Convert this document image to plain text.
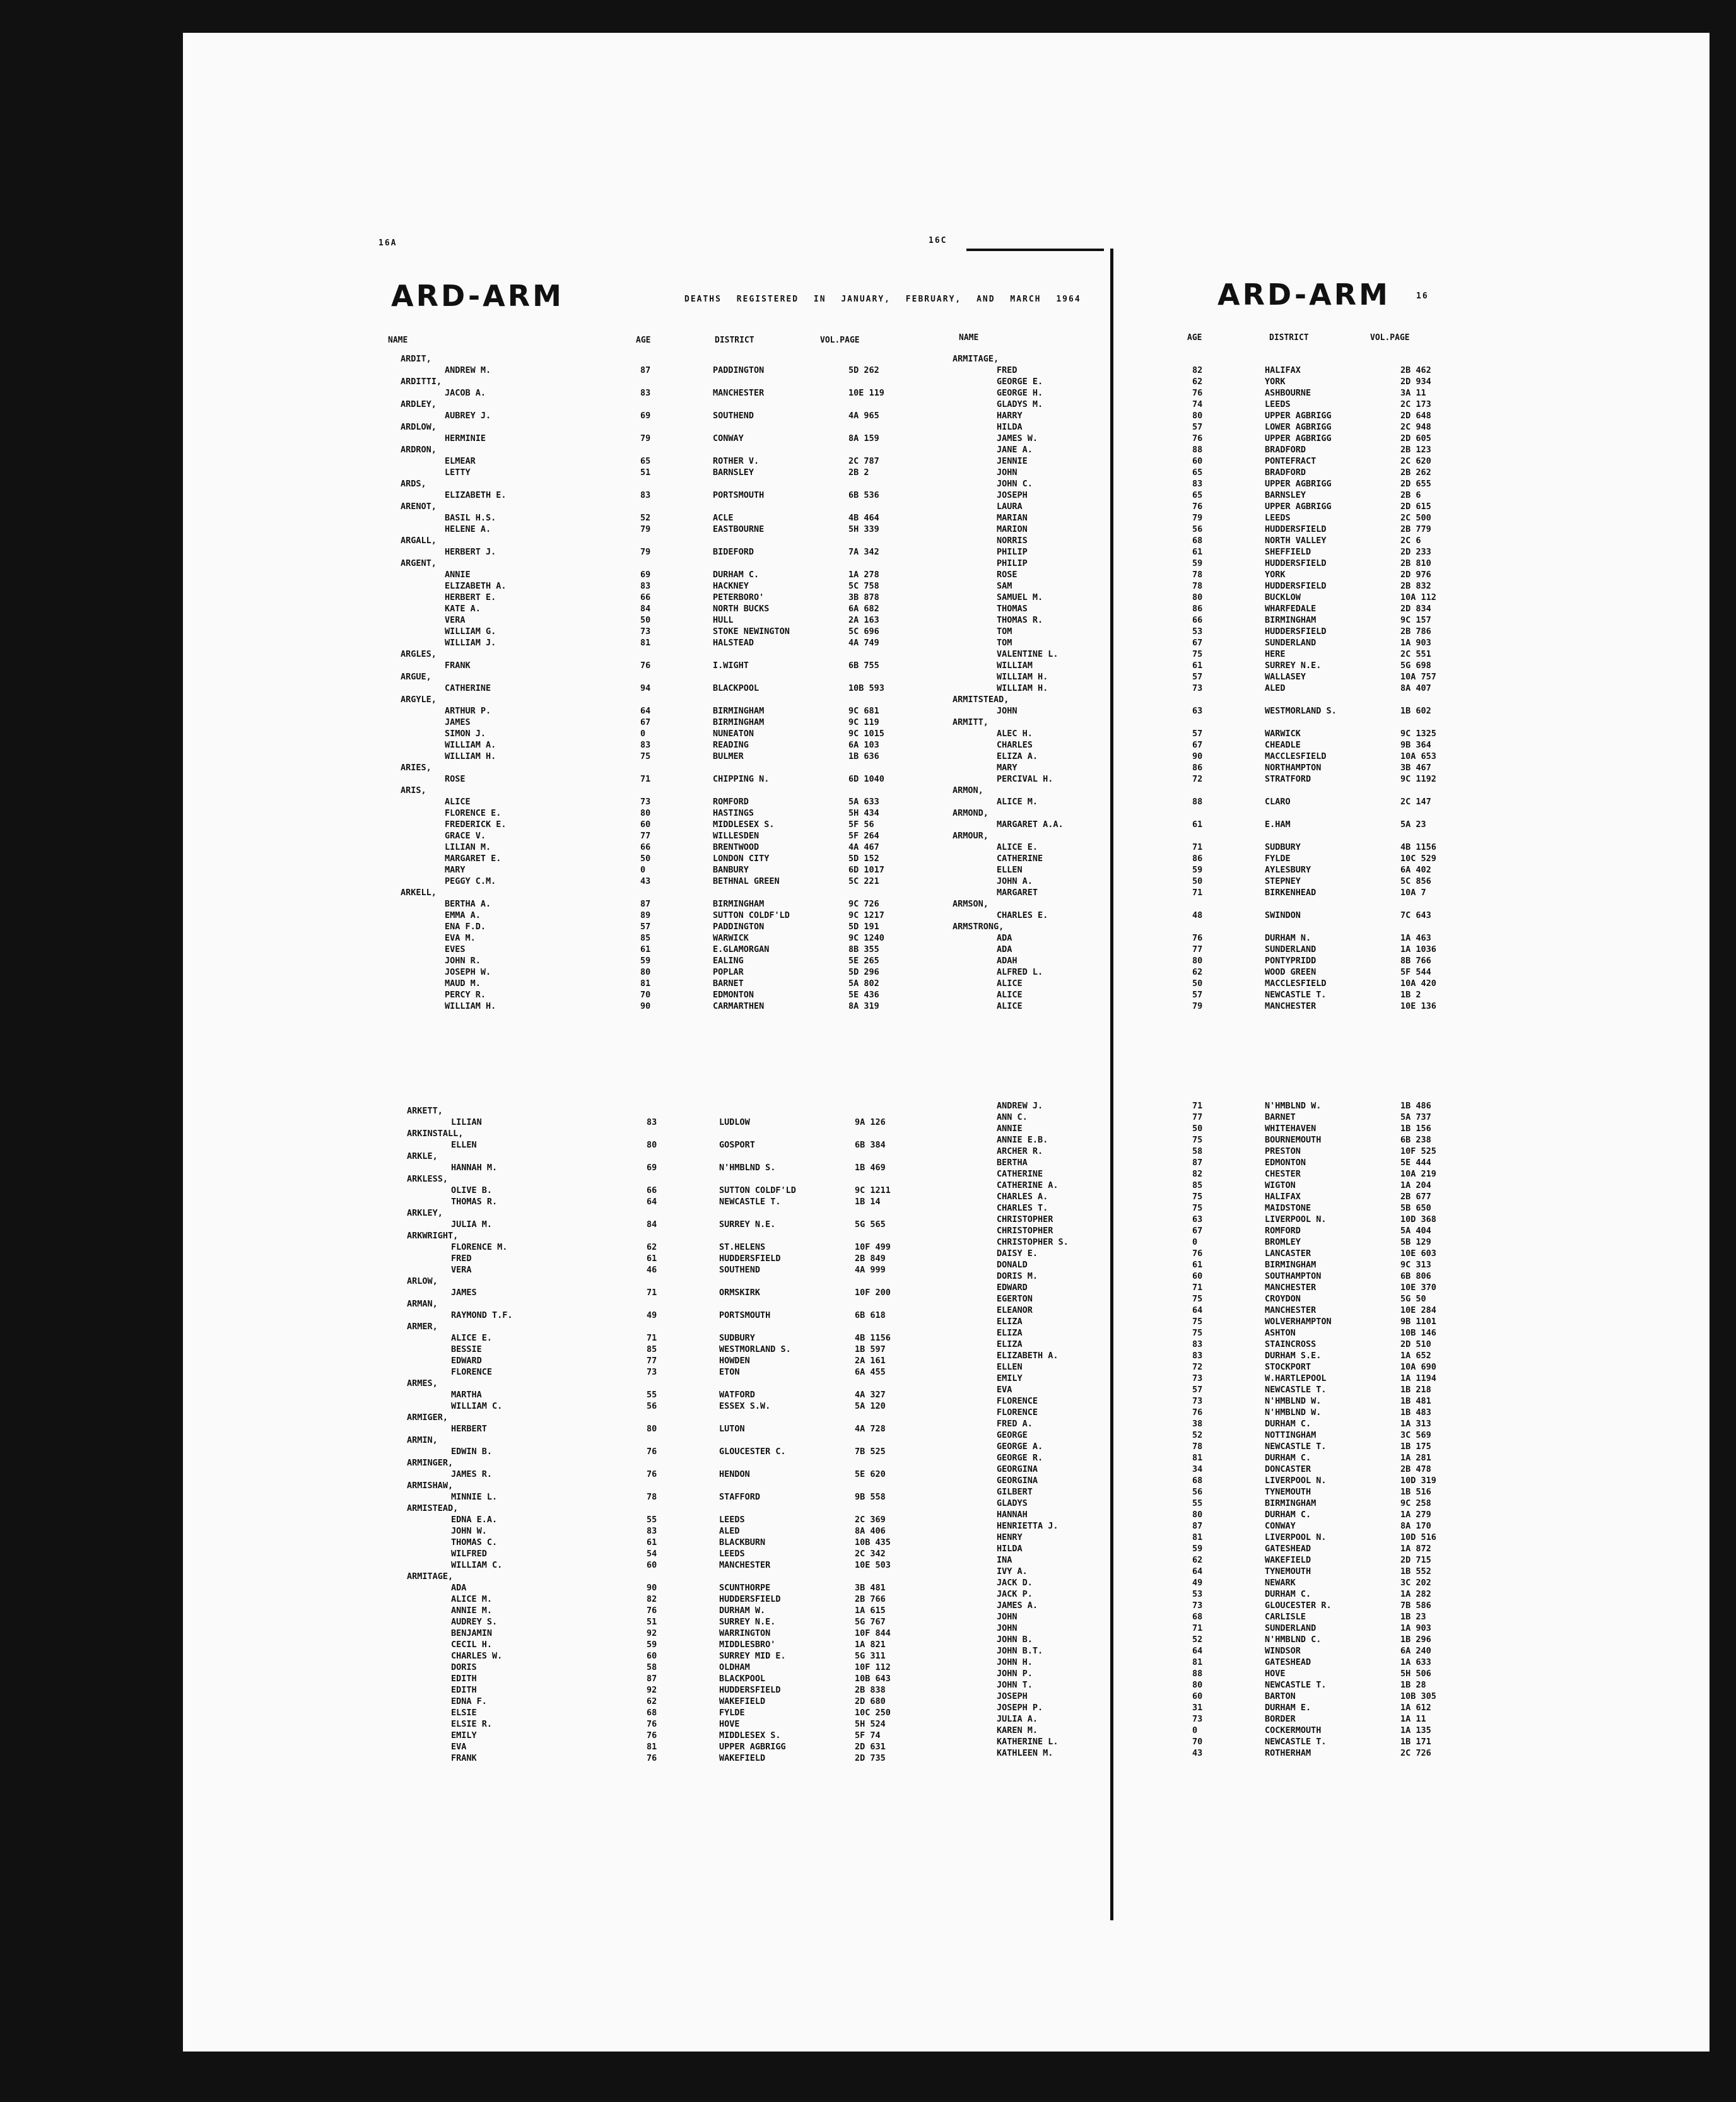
16A	16C
ARD-ARM	DEATHS REGISTERED IN JANUARY, FEBRUARY, AND MARCH 1964	ARD-ARM	16
NAME	AGE	DISTRICT	VOL.PAGE	NAME	AGE	DISTRICT	VOL.PAGE
ARDIT,
ANDREW M.	87	PADDINGTON	5D 262
ARDITTI,
JACOB A.	83	MANCHESTER	10E 119
ARDLEY,
AUBREY J.	69	SOUTHEND	4A 965
ARDLOW,
HERMINIE	79	CONWAY	8A 159
ARDRON,
ELMEAR	65	ROTHER V.	2C 787
LETTY	51	BARNSLEY	2B 2
ARDS,
ELIZABETH E.	83	PORTSMOUTH	6B 536
ARENOT,
BASIL H.S.	52	ACLE	4B 464
HELENE A.	79	EASTBOURNE	5H 339
ARGALL,
HERBERT J.	79	BIDEFORD	7A 342
ARGENT,
ANNIE	69	DURHAM C.	1A 278
ELIZABETH A.	83	HACKNEY	5C 758
HERBERT E.	66	PETERBORO'	3B 878
KATE A.	84	NORTH BUCKS	6A 682
VERA	50	HULL	2A 163
WILLIAM G.	73	STOKE NEWINGTON	5C 696
WILLIAM J.	81	HALSTEAD	4A 749
ARGLES,
FRANK	76	I.WIGHT	6B 755
ARGUE,
CATHERINE	94	BLACKPOOL	10B 593
ARGYLE,
ARTHUR P.	64	BIRMINGHAM	9C 681
JAMES	67	BIRMINGHAM	9C 119
SIMON J.	0	NUNEATON	9C 1015
WILLIAM A.	83	READING	6A 103
WILLIAM H.	75	BULMER	1B 636
ARIES,
ROSE	71	CHIPPING N.	6D 1040
ARIS,
ALICE	73	ROMFORD	5A 633
FLORENCE E.	80	HASTINGS	5H 434
FREDERICK E.	60	MIDDLESEX S.	5F 56
GRACE V.	77	WILLESDEN	5F 264
LILIAN M.	66	BRENTWOOD	4A 467
MARGARET E.	50	LONDON CITY	5D 152
MARY	0	BANBURY	6D 1017
PEGGY C.M.	43	BETHNAL GREEN	5C 221
ARKELL,
BERTHA A.	87	BIRMINGHAM	9C 726
EMMA A.	89	SUTTON COLDF'LD	9C 1217
ENA F.D.	57	PADDINGTON	5D 191
EVA M.	85	WARWICK	9C 1240
EVES	61	E.GLAMORGAN	8B 355
JOHN R.	59	EALING	5E 265
JOSEPH W.	80	POPLAR	5D 296
MAUD M.	81	BARNET	5A 802
PERCY R.	70	EDMONTON	5E 436
WILLIAM H.	90	CARMARTHEN	8A 319
ARKETT,
LILIAN	83	LUDLOW	9A 126
ARKINSTALL,
ELLEN	80	GOSPORT	6B 384
ARKLE,
HANNAH M.	69	N'HMBLND S.	1B 469
ARKLESS,
OLIVE B.	66	SUTTON COLDF'LD	9C 1211
THOMAS R.	64	NEWCASTLE T.	1B 14
ARKLEY,
JULIA M.	84	SURREY N.E.	5G 565
ARKWRIGHT,
FLORENCE M.	62	ST.HELENS	10F 499
FRED	61	HUDDERSFIELD	2B 849
VERA	46	SOUTHEND	4A 999
ARLOW,
JAMES	71	ORMSKIRK	10F 200
ARMAN,
RAYMOND T.F.	49	PORTSMOUTH	6B 618
ARMER,
ALICE E.	71	SUDBURY	4B 1156
BESSIE	85	WESTMORLAND S.	1B 597
EDWARD	77	HOWDEN	2A 161
FLORENCE	73	ETON	6A 455
ARMES,
MARTHA	55	WATFORD	4A 327
WILLIAM C.	56	ESSEX S.W.	5A 120
ARMIGER,
HERBERT	80	LUTON	4A 728
ARMIN,
EDWIN B.	76	GLOUCESTER C.	7B 525
ARMINGER,
JAMES R.	76	HENDON	5E 620
ARMISHAW,
MINNIE L.	78	STAFFORD	9B 558
ARMISTEAD,
EDNA E.A.	55	LEEDS	2C 369
JOHN W.	83	ALED	8A 406
THOMAS C.	61	BLACKBURN	10B 435
WILFRED	54	LEEDS	2C 342
WILLIAM C.	60	MANCHESTER	10E 503
ARMITAGE,
ADA	90	SCUNTHORPE	3B 481
ALICE M.	82	HUDDERSFIELD	2B 766
ANNIE M.	76	DURHAM W.	1A 615
AUDREY S.	51	SURREY N.E.	5G 767
BENJAMIN	92	WARRINGTON	10F 844
CECIL H.	59	MIDDLESBRO'	1A 821
CHARLES W.	60	SURREY MID E.	5G 311
DORIS	58	OLDHAM	10F 112
EDITH	87	BLACKPOOL	10B 643
EDITH	92	HUDDERSFIELD	2B 838
EDNA F.	62	WAKEFIELD	2D 680
ELSIE	68	FYLDE	10C 250
ELSIE R.	76	HOVE	5H 524
EMILY	76	MIDDLESEX S.	5F 74
EVA	81	UPPER AGBRIGG	2D 631
FRANK	76	WAKEFIELD	2D 735
ARMITAGE,
FRED	82	HALIFAX	2B 462
GEORGE E.	62	YORK	2D 934
GEORGE H.	76	ASHBOURNE	3A 11
GLADYS M.	74	LEEDS	2C 173
HARRY	80	UPPER AGBRIGG	2D 648
HILDA	57	LOWER AGBRIGG	2C 948
JAMES W.	76	UPPER AGBRIGG	2D 605
JANE A.	88	BRADFORD	2B 123
JENNIE	60	PONTEFRACT	2C 620
JOHN	65	BRADFORD	2B 262
JOHN C.	83	UPPER AGBRIGG	2D 655
JOSEPH	65	BARNSLEY	2B 6
LAURA	76	UPPER AGBRIGG	2D 615
MARIAN	79	LEEDS	2C 500
MARION	56	HUDDERSFIELD	2B 779
NORRIS	68	NORTH VALLEY	2C 6
PHILIP	61	SHEFFIELD	2D 233
PHILIP	59	HUDDERSFIELD	2B 810
ROSE	78	YORK	2D 976
SAM	78	HUDDERSFIELD	2B 832
SAMUEL M.	80	BUCKLOW	10A 112
THOMAS	86	WHARFEDALE	2D 834
THOMAS R.	66	BIRMINGHAM	9C 157
TOM	53	HUDDERSFIELD	2B 786
TOM	67	SUNDERLAND	1A 903
VALENTINE L.	75	HERE	2C 551
WILLIAM	61	SURREY N.E.	5G 698
WILLIAM H.	57	WALLASEY	10A 757
WILLIAM H.	73	ALED	8A 407
ARMITSTEAD,
JOHN	63	WESTMORLAND S.	1B 602
ARMITT,
ALEC H.	57	WARWICK	9C 1325
CHARLES	67	CHEADLE	9B 364
ELIZA A.	90	MACCLESFIELD	10A 653
MARY	86	NORTHAMPTON	3B 467
PERCIVAL H.	72	STRATFORD	9C 1192
ARMON,
ALICE M.	88	CLARO	2C 147
ARMOND,
MARGARET A.A.	61	E.HAM	5A 23
ARMOUR,
ALICE E.	71	SUDBURY	4B 1156
CATHERINE	86	FYLDE	10C 529
ELLEN	59	AYLESBURY	6A 402
JOHN A.	50	STEPNEY	5C 856
MARGARET	71	BIRKENHEAD	10A 7
ARMSON,
CHARLES E.	48	SWINDON	7C 643
ARMSTRONG,
ADA	76	DURHAM N.	1A 463
ADA	77	SUNDERLAND	1A 1036
ADAH	80	PONTYPRIDD	8B 766
ALFRED L.	62	WOOD GREEN	5F 544
ALICE	50	MACCLESFIELD	10A 420
ALICE	57	NEWCASTLE T.	1B 2
ALICE	79	MANCHESTER	10E 136
ANDREW J.	71	N'HMBLND W.	1B 486
ANN C.	77	BARNET	5A 737
ANNIE	50	WHITEHAVEN	1B 156
ANNIE E.B.	75	BOURNEMOUTH	6B 238
ARCHER R.	58	PRESTON	10F 525
BERTHA	87	EDMONTON	5E 444
CATHERINE	82	CHESTER	10A 219
CATHERINE A.	85	WIGTON	1A 204
CHARLES A.	75	HALIFAX	2B 677
CHARLES T.	75	MAIDSTONE	5B 650
CHRISTOPHER	63	LIVERPOOL N.	10D 368
CHRISTOPHER	67	ROMFORD	5A 404
CHRISTOPHER S.	0	BROMLEY	5B 129
DAISY E.	76	LANCASTER	10E 603
DONALD	61	BIRMINGHAM	9C 313
DORIS M.	60	SOUTHAMPTON	6B 806
EDWARD	71	MANCHESTER	10E 370
EGERTON	75	CROYDON	5G 50
ELEANOR	64	MANCHESTER	10E 284
ELIZA	75	WOLVERHAMPTON	9B 1101
ELIZA	75	ASHTON	10B 146
ELIZA	83	STAINCROSS	2D 510
ELIZABETH A.	83	DURHAM S.E.	1A 652
ELLEN	72	STOCKPORT	10A 690
EMILY	73	W.HARTLEPOOL	1A 1194
EVA	57	NEWCASTLE T.	1B 218
FLORENCE	73	N'HMBLND W.	1B 481
FLORENCE	76	N'HMBLND W.	1B 483
FRED A.	38	DURHAM C.	1A 313
GEORGE	52	NOTTINGHAM	3C 569
GEORGE A.	78	NEWCASTLE T.	1B 175
GEORGE R.	81	DURHAM C.	1A 281
GEORGINA	34	DONCASTER	2B 478
GEORGINA	68	LIVERPOOL N.	10D 319
GILBERT	56	TYNEMOUTH	1B 516
GLADYS	55	BIRMINGHAM	9C 258
HANNAH	80	DURHAM C.	1A 279
HENRIETTA J.	87	CONWAY	8A 170
HENRY	81	LIVERPOOL N.	10D 516
HILDA	59	GATESHEAD	1A 872
INA	62	WAKEFIELD	2D 715
IVY A.	64	TYNEMOUTH	1B 552
JACK D.	49	NEWARK	3C 202
JACK P.	53	DURHAM C.	1A 282
JAMES A.	73	GLOUCESTER R.	7B 586
JOHN	68	CARLISLE	1B 23
JOHN	71	SUNDERLAND	1A 903
JOHN B.	52	N'HMBLND C.	1B 296
JOHN B.T.	64	WINDSOR	6A 240
JOHN H.	81	GATESHEAD	1A 633
JOHN P.	88	HOVE	5H 506
JOHN T.	80	NEWCASTLE T.	1B 28
JOSEPH	60	BARTON	10B 305
JOSEPH P.	31	DURHAM E.	1A 612
JULIA A.	73	BORDER	1A 11
KAREN M.	0	COCKERMOUTH	1A 135
KATHERINE L.	70	NEWCASTLE T.	1B 171
KATHLEEN M.	43	ROTHERHAM	2C 726
